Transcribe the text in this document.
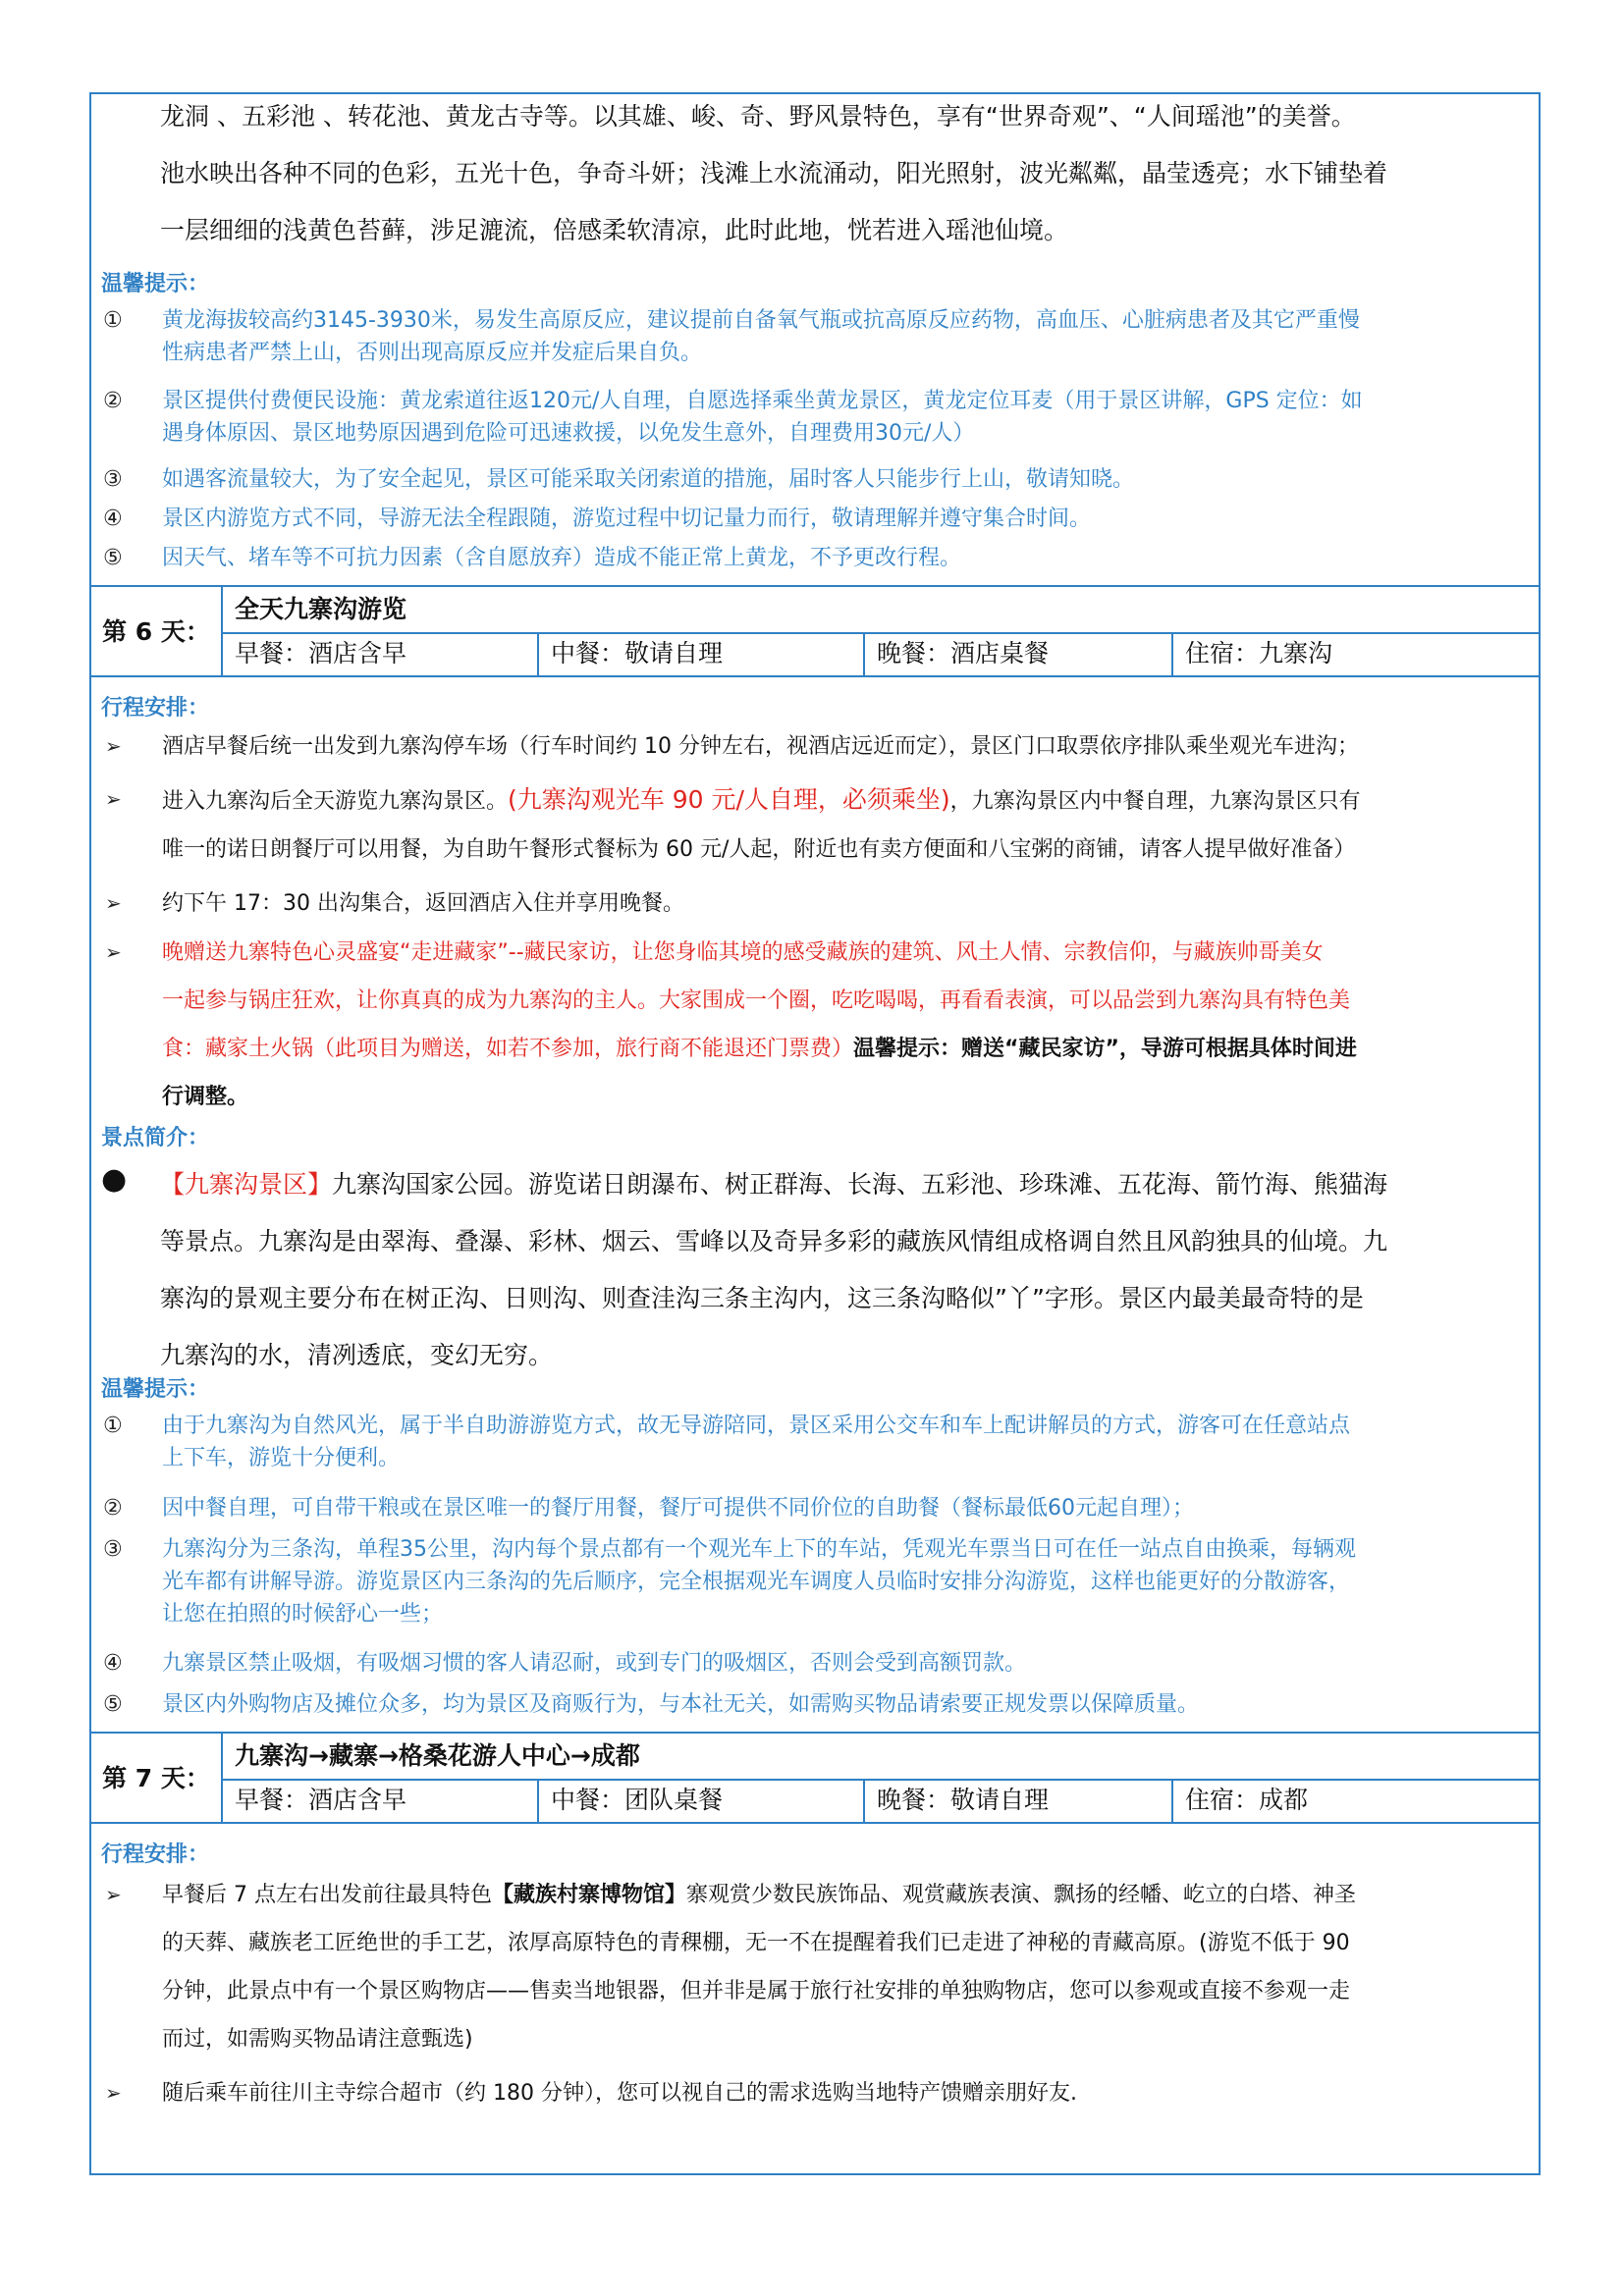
龙洞 、五彩池 、转花池、黄龙古寺等。以其雄、峻、奇、野风景特色，享有“世界奇观”、“人间瑶池”的美誉。

池水映出各种不同的色彩，五光十色，争奇斗妍；浅滩上水流涌动，阳光照射，波光粼粼，晶莹透亮；水下铺垫着

一层细细的浅黄色苔藓，涉足漉流，倍感柔软清凉，此时此地，恍若进入瑶池仙境。

温馨提示：

①	黄龙海拔较高约3145-3930米，易发生高原反应，建议提前自备氧气瓶或抗高原反应药物，高血压、心脏病患者及其它严重慢
性病患者严禁上山，否则出现高原反应并发症后果自负。
②	景区提供付费便民设施：黄龙索道往返120元/人自理，自愿选择乘坐黄龙景区，黄龙定位耳麦（用于景区讲解，GPS 定位：如
遇身体原因、景区地势原因遇到危险可迅速救援，以免发生意外，自理费用30元/人）
③	如遇客流量较大，为了安全起见，景区可能采取关闭索道的措施，届时客人只能步行上山，敬请知晓。
④	景区内游览方式不同，导游无法全程跟随，游览过程中切记量力而行，敬请理解并遵守集合时间。
⑤	因天气、堵车等不可抗力因素（含自愿放弃）造成不能正常上黄龙，不予更改行程。
第 6 天：
全天九寨沟游览
早餐：酒店含早	中餐：敬请自理	晚餐：酒店桌餐	住宿：九寨沟

行程安排：

➢ 酒店早餐后统一出发到九寨沟停车场（行车时间约 10 分钟左右，视酒店远近而定），景区门口取票依序排队乘坐观光车进沟；
➢ 进入九寨沟后全天游览九寨沟景区。(九寨沟观光车 90 元/人自理，必须乘坐)，九寨沟景区内中餐自理，九寨沟景区只有
唯一的诺日朗餐厅可以用餐，为自助午餐形式餐标为 60 元/人起，附近也有卖方便面和八宝粥的商铺，请客人提早做好准备）
➢ 约下午 17：30 出沟集合，返回酒店入住并享用晚餐。
➢ 晚赠送九寨特色心灵盛宴“走进藏家”--藏民家访，让您身临其境的感受藏族的建筑、风土人情、宗教信仰，与藏族帅哥美女
一起参与锅庄狂欢，让你真真的成为九寨沟的主人。大家围成一个圈，吃吃喝喝，再看看表演，可以品尝到九寨沟具有特色美
食：藏家土火锅（此项目为赠送，如若不参加，旅行商不能退还门票费）温馨提示：赠送“藏民家访”，导游可根据具体时间进
行调整。

景点简介：

● 【九寨沟景区】九寨沟国家公园。游览诺日朗瀑布、树正群海、长海、五彩池、珍珠滩、五花海、箭竹海、熊猫海

等景点。九寨沟是由翠海、叠瀑、彩林、烟云、雪峰以及奇异多彩的藏族风情组成格调自然且风韵独具的仙境。九

寨沟的景观主要分布在树正沟、日则沟、则查洼沟三条主沟内，这三条沟略似”丫”字形。景区内最美最奇特的是

九寨沟的水，清冽透底，变幻无穷。

温馨提示：

①	由于九寨沟为自然风光，属于半自助游游览方式，故无导游陪同，景区采用公交车和车上配讲解员的方式，游客可在任意站点
上下车，游览十分便利。
②	因中餐自理，可自带干粮或在景区唯一的餐厅用餐，餐厅可提供不同价位的自助餐（餐标最低60元起自理）；
③	九寨沟分为三条沟，单程35公里，沟内每个景点都有一个观光车上下的车站，凭观光车票当日可在任一站点自由换乘，每辆观
光车都有讲解导游。游览景区内三条沟的先后顺序，完全根据观光车调度人员临时安排分沟游览，这样也能更好的分散游客，
让您在拍照的时候舒心一些；
④	九寨景区禁止吸烟，有吸烟习惯的客人请忍耐，或到专门的吸烟区，否则会受到高额罚款。
⑤	景区内外购物店及摊位众多，均为景区及商贩行为，与本社无关，如需购买物品请索要正规发票以保障质量。
第 7 天：
九寨沟→藏寨→格桑花游人中心→成都
早餐：酒店含早	中餐：团队桌餐	晚餐：敬请自理	住宿：成都

行程安排：

➢ 早餐后 7 点左右出发前往最具特色【藏族村寨博物馆】寨观赏少数民族饰品、观赏藏族表演、飘扬的经幡、屹立的白塔、神圣
的天葬、藏族老工匠绝世的手工艺，浓厚高原特色的青稞棚，无一不在提醒着我们已走进了神秘的青藏高原。(游览不低于 90
分钟，此景点中有一个景区购物店——售卖当地银器，但并非是属于旅行社安排的单独购物店，您可以参观或直接不参观一走
而过，如需购买物品请注意甄选)
➢ 随后乘车前往川主寺综合超市（约 180 分钟），您可以视自己的需求选购当地特产馈赠亲朋好友.
